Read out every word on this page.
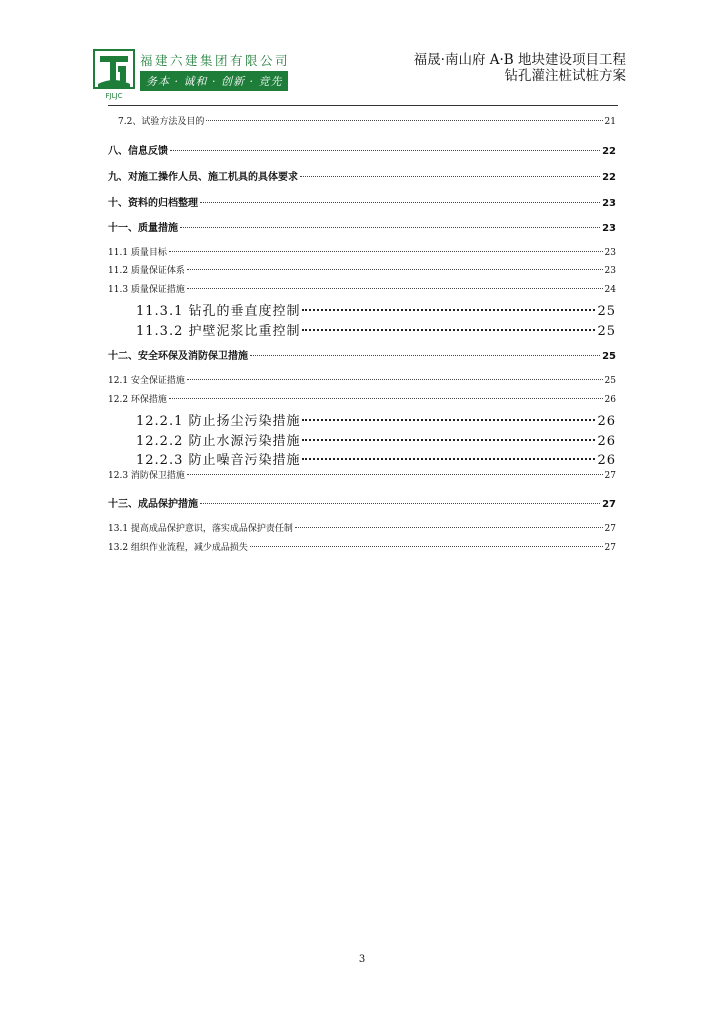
FJLJC
福建六建集团有限公司
务本 · 诚和 · 创新 · 竞先
福晟·南山府 A·B 地块建设项目工程
钻孔灌注桩试桩方案
7.2、试验方法及目的	21
八、信息反馈	22
九、对施工操作人员、施工机具的具体要求	22
十、资料的归档整理	23
十一、质量措施	23
11.1 质量目标	23
11.2 质量保证体系	23
11.3 质量保证措施	24
11.3.1 钻孔的垂直度控制	25
11.3.2 护壁泥浆比重控制	25
十二、安全环保及消防保卫措施	25
12.1 安全保证措施	25
12.2 环保措施	26
12.2.1 防止扬尘污染措施	26
12.2.2 防止水源污染措施	26
12.2.3 防止噪音污染措施	26
12.3 消防保卫措施	27
十三、成品保护措施	27
13.1 提高成品保护意识，落实成品保护责任制	27
13.2 组织作业流程，减少成品损失	27
3
